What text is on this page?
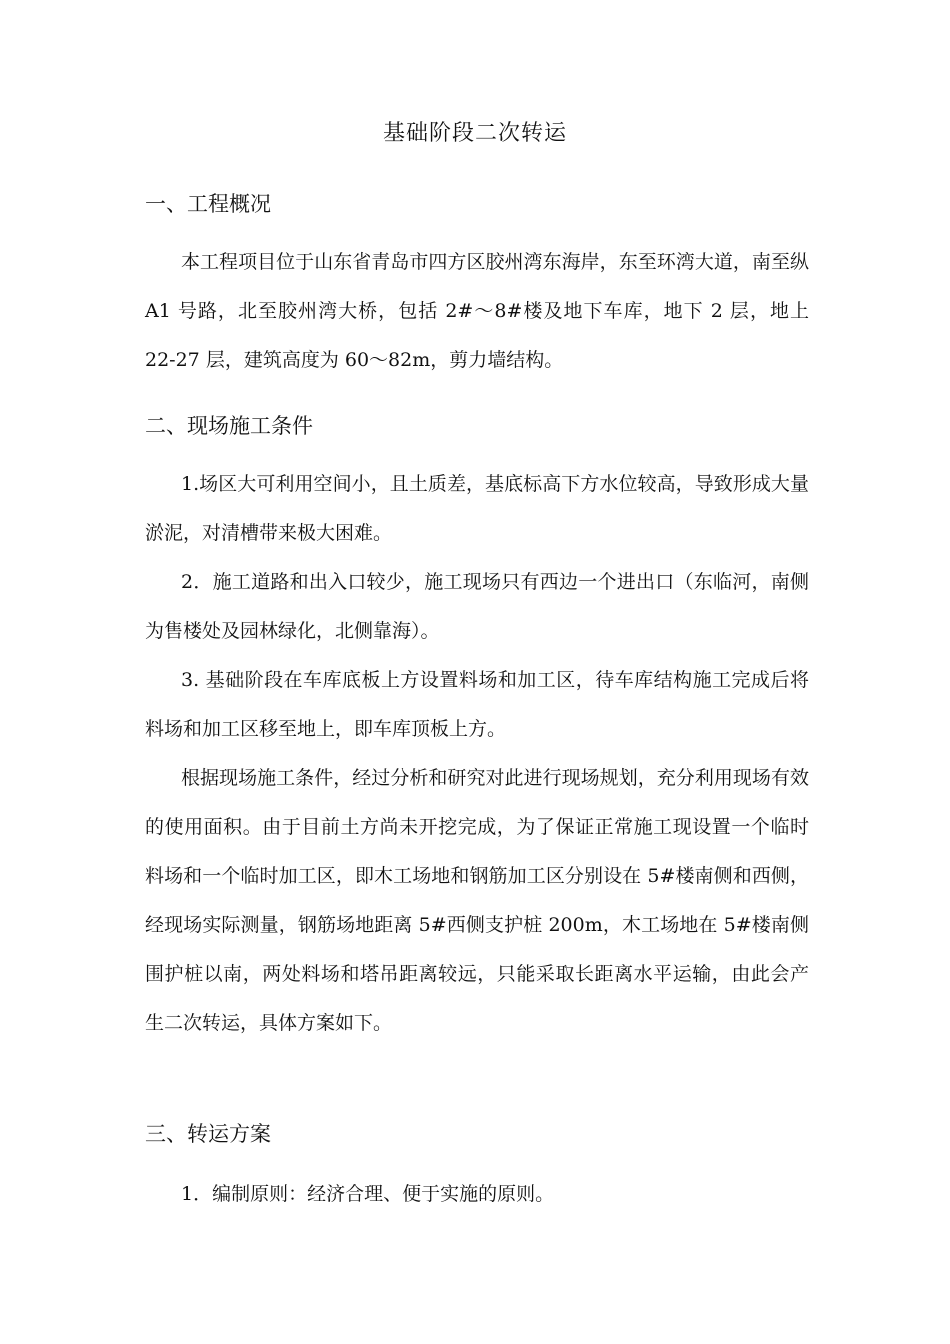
基础阶段二次转运
一、工程概况
本工程项目位于山东省青岛市四方区胶州湾东海岸，东至环湾大道，南至纵 A1 号路，北至胶州湾大桥，包括 2#～8#楼及地下车库，地下 2 层，地上 22-27 层，建筑高度为 60～82m，剪力墙结构。
二、现场施工条件
1.场区大可利用空间小，且土质差，基底标高下方水位较高，导致形成大量淤泥，对清槽带来极大困难。
2．施工道路和出入口较少，施工现场只有西边一个进出口（东临河，南侧为售楼处及园林绿化，北侧靠海）。
3. 基础阶段在车库底板上方设置料场和加工区，待车库结构施工完成后将料场和加工区移至地上，即车库顶板上方。
根据现场施工条件，经过分析和研究对此进行现场规划，充分利用现场有效的使用面积。由于目前土方尚未开挖完成，为了保证正常施工现设置一个临时料场和一个临时加工区，即木工场地和钢筋加工区分别设在 5#楼南侧和西侧，经现场实际测量，钢筋场地距离 5#西侧支护桩 200m，木工场地在 5#楼南侧围护桩以南，两处料场和塔吊距离较远，只能采取长距离水平运输，由此会产生二次转运，具体方案如下。
三、转运方案
1．编制原则：经济合理、便于实施的原则。
